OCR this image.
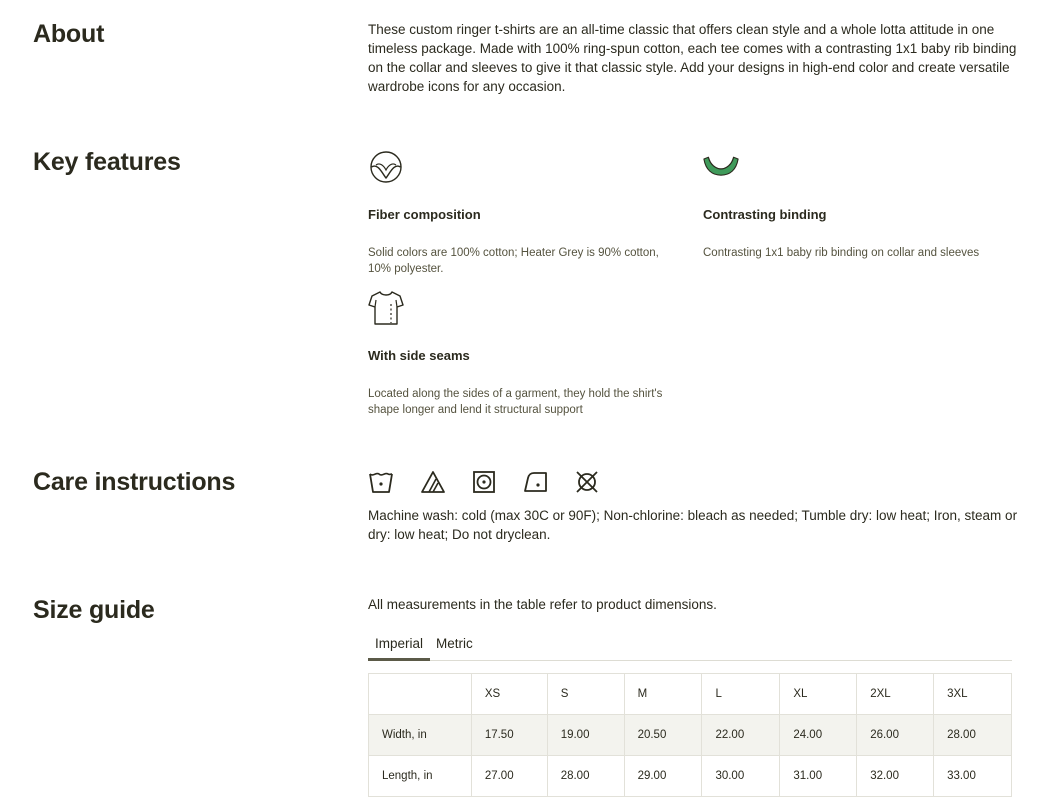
About	These custom ringer t-shirts are an all-time classic that offers clean style and a whole lotta attitude in one timeless package. Made with 100% ring-spun cotton, each tee comes with a contrasting 1x1 baby rib binding on the collar and sleeves to give it that classic style. Add your designs in high-end color and create versatile wardrobe icons for any occasion.
Key features
Fiber composition
Solid colors are 100% cotton; Heater Grey is 90% cotton, 10% polyester.
Contrasting binding
Contrasting 1x1 baby rib binding on collar and sleeves
With side seams
Located along the sides of a garment, they hold the shirt's shape longer and lend it structural support
Care instructions
Machine wash: cold (max 30C or 90F); Non-chlorine: bleach as needed; Tumble dry: low heat; Iron, steam or dry: low heat; Do not dryclean.
Size guide	All measurements in the table refer to product dimensions.
Imperial Metric
	XS	S	M	L	XL	2XL	3XL
Width, in	17.50	19.00	20.50	22.00	24.00	26.00	28.00
Length, in	27.00	28.00	29.00	30.00	31.00	32.00	33.00
